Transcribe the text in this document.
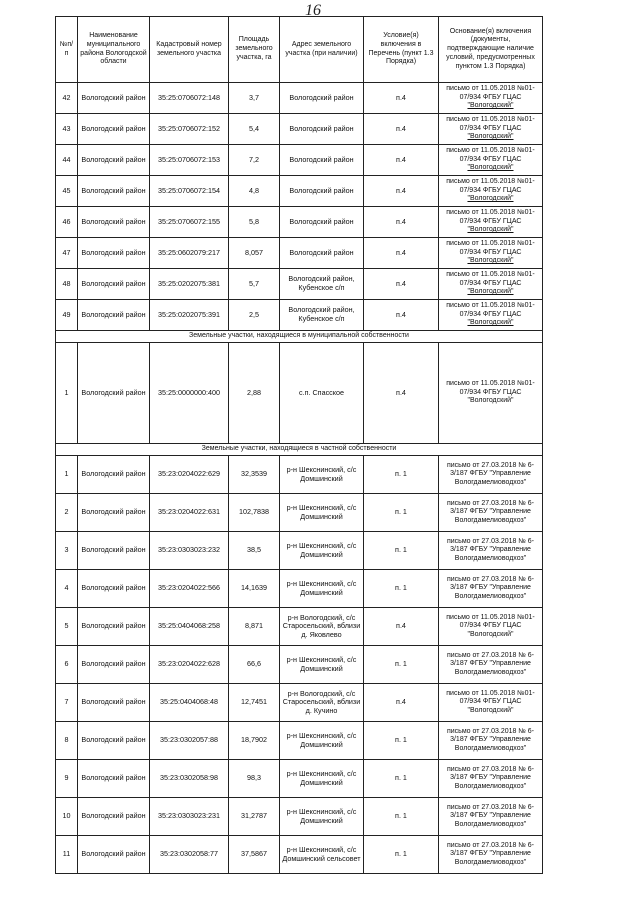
16
№п/п	Наименование муниципального района Вологодской области	Кадастровый номер земельного участка	Площадь земельного участка, га	Адрес земельного участка (при наличии)	Условие(я) включения в Перечень (пункт 1.3 Порядка)	Основание(я) включения (документы, подтверждающие наличие условий, предусмотренных пунктом 1.3 Порядка)
42	Вологодский район	35:25:0706072:148	3,7	Вологодский район	п.4	письмо от 11.05.2018 №01-07/934 ФГБУ ГЦАС "Вологодский"
43	Вологодский район	35:25:0706072:152	5,4	Вологодский район	п.4	письмо от 11.05.2018 №01-07/934 ФГБУ ГЦАС "Вологодский"
44	Вологодский район	35:25:0706072:153	7,2	Вологодский район	п.4	письмо от 11.05.2018 №01-07/934 ФГБУ ГЦАС "Вологодский"
45	Вологодский район	35:25:0706072:154	4,8	Вологодский район	п.4	письмо от 11.05.2018 №01-07/934 ФГБУ ГЦАС "Вологодский"
46	Вологодский район	35:25:0706072:155	5,8	Вологодский район	п.4	письмо от 11.05.2018 №01-07/934 ФГБУ ГЦАС "Вологодский"
47	Вологодский район	35:25:0602079:217	8,057	Вологодский район	п.4	письмо от 11.05.2018 №01-07/934 ФГБУ ГЦАС "Вологодский"
48	Вологодский район	35:25:0202075:381	5,7	Вологодский район, Кубенское с/п	п.4	письмо от 11.05.2018 №01-07/934 ФГБУ ГЦАС "Вологодский"
49	Вологодский район	35:25:0202075:391	2,5	Вологодский район, Кубенское с/п	п.4	письмо от 11.05.2018 №01-07/934 ФГБУ ГЦАС "Вологодский"
Земельные участки, находящиеся в муниципальной собственности						
1	Вологодский район	35:25:0000000:400	2,88	с.п. Спасское	п.4	письмо от 11.05.2018 №01-07/934 ФГБУ ГЦАС "Вологодский"
Земельные участки, находящиеся в частной собственности						
1	Вологодский район	35:23:0204022:629	32,3539	р-н Шекснинский, с/с Домшинский	п. 1	письмо от 27.03.2018 № 6-3/187 ФГБУ "Управление Вологдамелиоводхоз"
2	Вологодский район	35:23:0204022:631	102,7838	р-н Шекснинский, с/с Домшинский	п. 1	письмо от 27.03.2018 № 6-3/187 ФГБУ "Управление Вологдамелиоводхоз"
3	Вологодский район	35:23:0303023:232	38,5	р-н Шекснинский, с/с Домшинский	п. 1	письмо от 27.03.2018 № 6-3/187 ФГБУ "Управление Вологдамелиоводхоз"
4	Вологодский район	35:23:0204022:566	14,1639	р-н Шекснинский, с/с Домшинский	п. 1	письмо от 27.03.2018 № 6-3/187 ФГБУ "Управление Вологдамелиоводхоз"
5	Вологодский район	35:25:0404068:258	8,871	р-н Вологодский, с/с Старосельский, вблизи д. Яковлево	п.4	письмо от 11.05.2018 №01-07/934 ФГБУ ГЦАС "Вологодский"
6	Вологодский район	35:23:0204022:628	66,6	р-н Шекснинский, с/с Домшинский	п. 1	письмо от 27.03.2018 № 6-3/187 ФГБУ "Управление Вологдамелиоводхоз"
7	Вологодский район	35:25:0404068:48	12,7451	р-н Вологодский, с/с Старосельский, вблизи д. Кучино	п.4	письмо от 11.05.2018 №01-07/934 ФГБУ ГЦАС "Вологодский"
8	Вологодский район	35:23:0302057:88	18,7902	р-н Шекснинский, с/с Домшинский	п. 1	письмо от 27.03.2018 № 6-3/187 ФГБУ "Управление Вологдамелиоводхоз"
9	Вологодский район	35:23:0302058:98	98,3	р-н Шекснинский, с/с Домшинский	п. 1	письмо от 27.03.2018 № 6-3/187 ФГБУ "Управление Вологдамелиоводхоз"
10	Вологодский район	35:23:0303023:231	31,2787	р-н Шекснинский, с/с Домшинский	п. 1	письмо от 27.03.2018 № 6-3/187 ФГБУ "Управление Вологдамелиоводхоз"
11	Вологодский район	35:23:0302058:77	37,5867	р-н Шекснинский, с/с Домшинский сельсовет	п. 1	письмо от 27.03.2018 № 6-3/187 ФГБУ "Управление Вологдамелиоводхоз"
